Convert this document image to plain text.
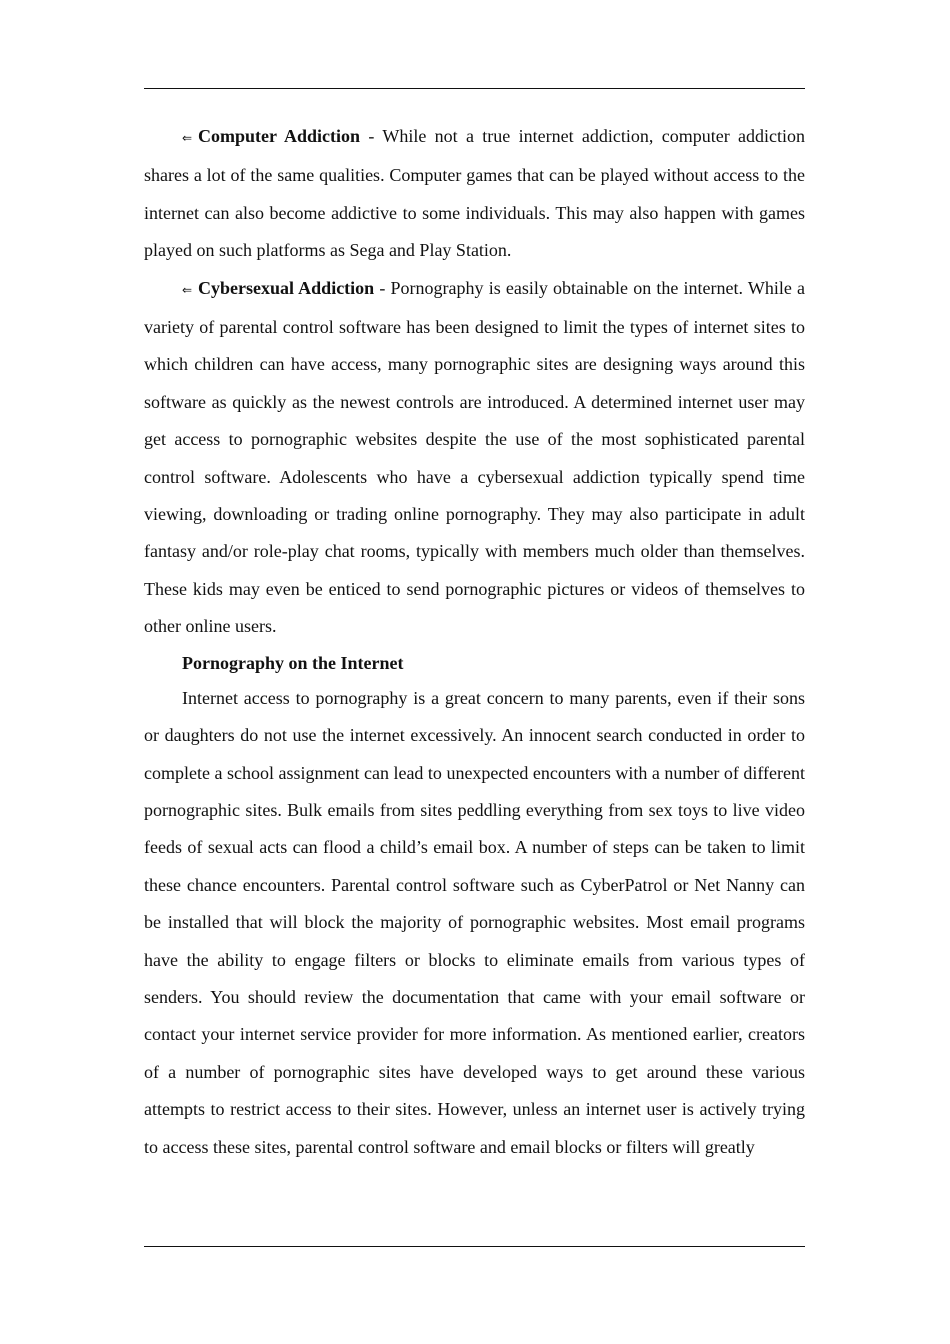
⇐ Computer Addiction - While not a true internet addiction, computer addiction shares a lot of the same qualities. Computer games that can be played without access to the internet can also become addictive to some individuals. This may also happen with games played on such platforms as Sega and Play Station.

⇐ Cybersexual Addiction - Pornography is easily obtainable on the internet. While a variety of parental control software has been designed to limit the types of internet sites to which children can have access, many pornographic sites are designing ways around this software as quickly as the newest controls are introduced. A determined internet user may get access to pornographic websites despite the use of the most sophisticated parental control software. Adolescents who have a cybersexual addiction typically spend time viewing, downloading or trading online pornography. They may also participate in adult fantasy and/or role-play chat rooms, typically with members much older than themselves. These kids may even be enticed to send pornographic pictures or videos of themselves to other online users.

Pornography on the Internet

Internet access to pornography is a great concern to many parents, even if their sons or daughters do not use the internet excessively. An innocent search conducted in order to complete a school assignment can lead to unexpected encounters with a number of different pornographic sites. Bulk emails from sites peddling everything from sex toys to live video feeds of sexual acts can flood a child’s email box. A number of steps can be taken to limit these chance encounters. Parental control software such as CyberPatrol or Net Nanny can be installed that will block the majority of pornographic websites. Most email programs have the ability to engage filters or blocks to eliminate emails from various types of senders. You should review the documentation that came with your email software or contact your internet service provider for more information. As mentioned earlier, creators of a number of pornographic sites have developed ways to get around these various attempts to restrict access to their sites. However, unless an internet user is actively trying to access these sites, parental control software and email blocks or filters will greatly
